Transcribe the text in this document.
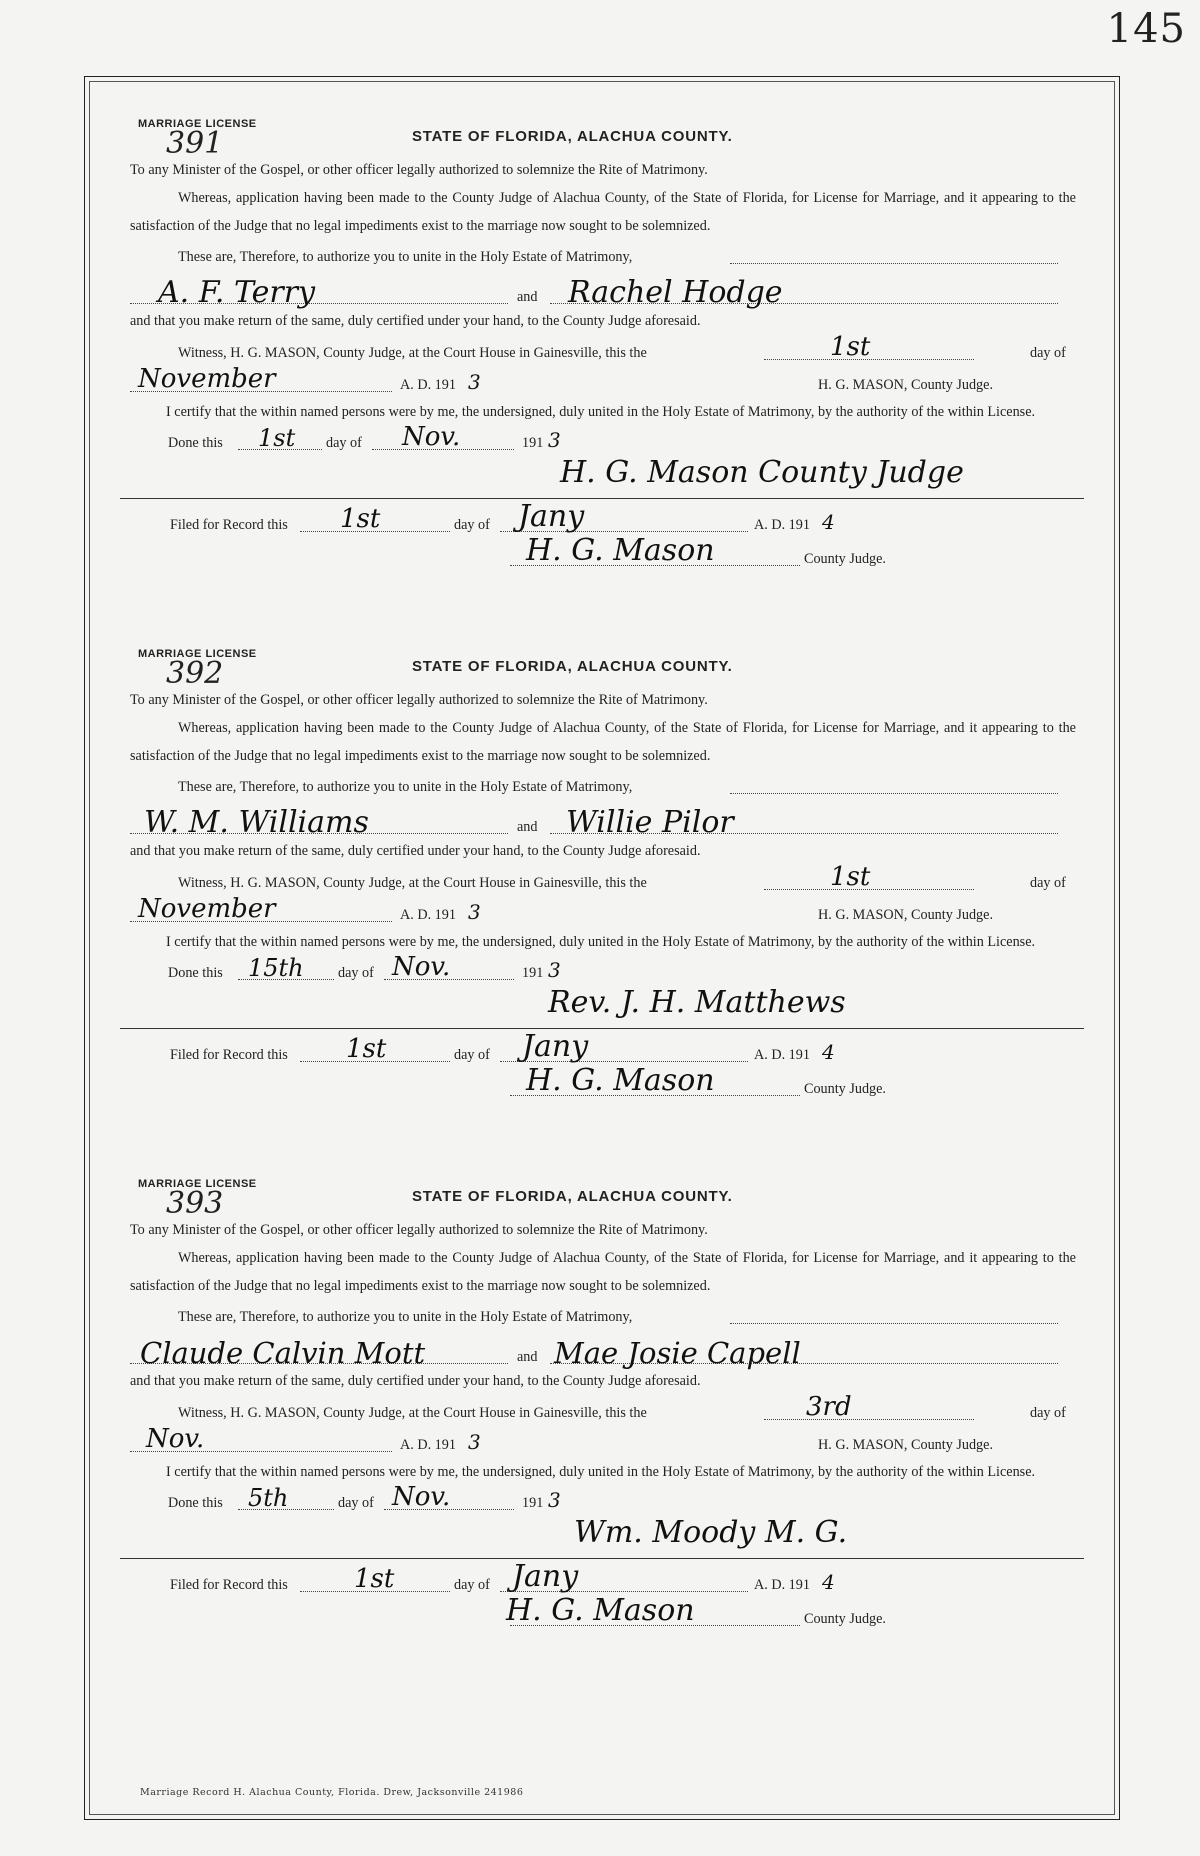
145
MARRIAGE LICENSE
391	STATE OF FLORIDA, ALACHUA COUNTY.

To any Minister of the Gospel, or other officer legally authorized to solemnize the Rite of Matrimony.

Whereas, application having been made to the County Judge of Alachua County, of the State of Florida, for License for Marriage, and it appearing to the satisfaction of the Judge that no legal impediments exist to the marriage now sought to be solemnized.

These are, Therefore, to authorize you to unite in the Holy Estate of Matrimony,
A. F. Terry	and Rachel Hodge
and that you make return of the same, duly certified under your hand, to the County Judge aforesaid.
Witness, H. G. MASON, County Judge, at the Court House in Gainesville, this the	1st	day of
November	A. D. 191 3	H. G. MASON, County Judge.

I certify that the within named persons were by me, the undersigned, duly united in the Holy Estate of Matrimony, by the authority of the within License.

Done this 1st day of Nov.	191 3
H. G. Mason County Judge
Filed for Record this 1st	day of Jany	A. D. 191 4
H. G. Mason	County Judge.
MARRIAGE LICENSE
392	STATE OF FLORIDA, ALACHUA COUNTY.

To any Minister of the Gospel, or other officer legally authorized to solemnize the Rite of Matrimony.

Whereas, application having been made to the County Judge of Alachua County, of the State of Florida, for License for Marriage, and it appearing to the satisfaction of the Judge that no legal impediments exist to the marriage now sought to be solemnized.

These are, Therefore, to authorize you to unite in the Holy Estate of Matrimony,
W. M. Williams	and Willie Pilor
and that you make return of the same, duly certified under your hand, to the County Judge aforesaid.
Witness, H. G. MASON, County Judge, at the Court House in Gainesville, this the	1st	day of
November	A. D. 191 3	H. G. MASON, County Judge.

I certify that the within named persons were by me, the undersigned, duly united in the Holy Estate of Matrimony, by the authority of the within License.

Done this 15th day of Nov.	191 3
Rev. J. H. Matthews
Filed for Record this 1st	day of Jany	A. D. 191 4
H. G. Mason	County Judge.
MARRIAGE LICENSE
393	STATE OF FLORIDA, ALACHUA COUNTY.

To any Minister of the Gospel, or other officer legally authorized to solemnize the Rite of Matrimony.

Whereas, application having been made to the County Judge of Alachua County, of the State of Florida, for License for Marriage, and it appearing to the satisfaction of the Judge that no legal impediments exist to the marriage now sought to be solemnized.

These are, Therefore, to authorize you to unite in the Holy Estate of Matrimony,
Claude Calvin Mott	and Mae Josie Capell
and that you make return of the same, duly certified under your hand, to the County Judge aforesaid.
Witness, H. G. MASON, County Judge, at the Court House in Gainesville, this the	3rd	day of
Nov.	A. D. 191 3	H. G. MASON, County Judge.

I certify that the within named persons were by me, the undersigned, duly united in the Holy Estate of Matrimony, by the authority of the within License.

Done this 5th	day of Nov.	191 3
Wm. Moody M. G.
Filed for Record this	1st	day of Jany	A. D. 191 4
H. G. Mason	County Judge.
Marriage Record H. Alachua County, Florida. Drew, Jacksonville 241986
